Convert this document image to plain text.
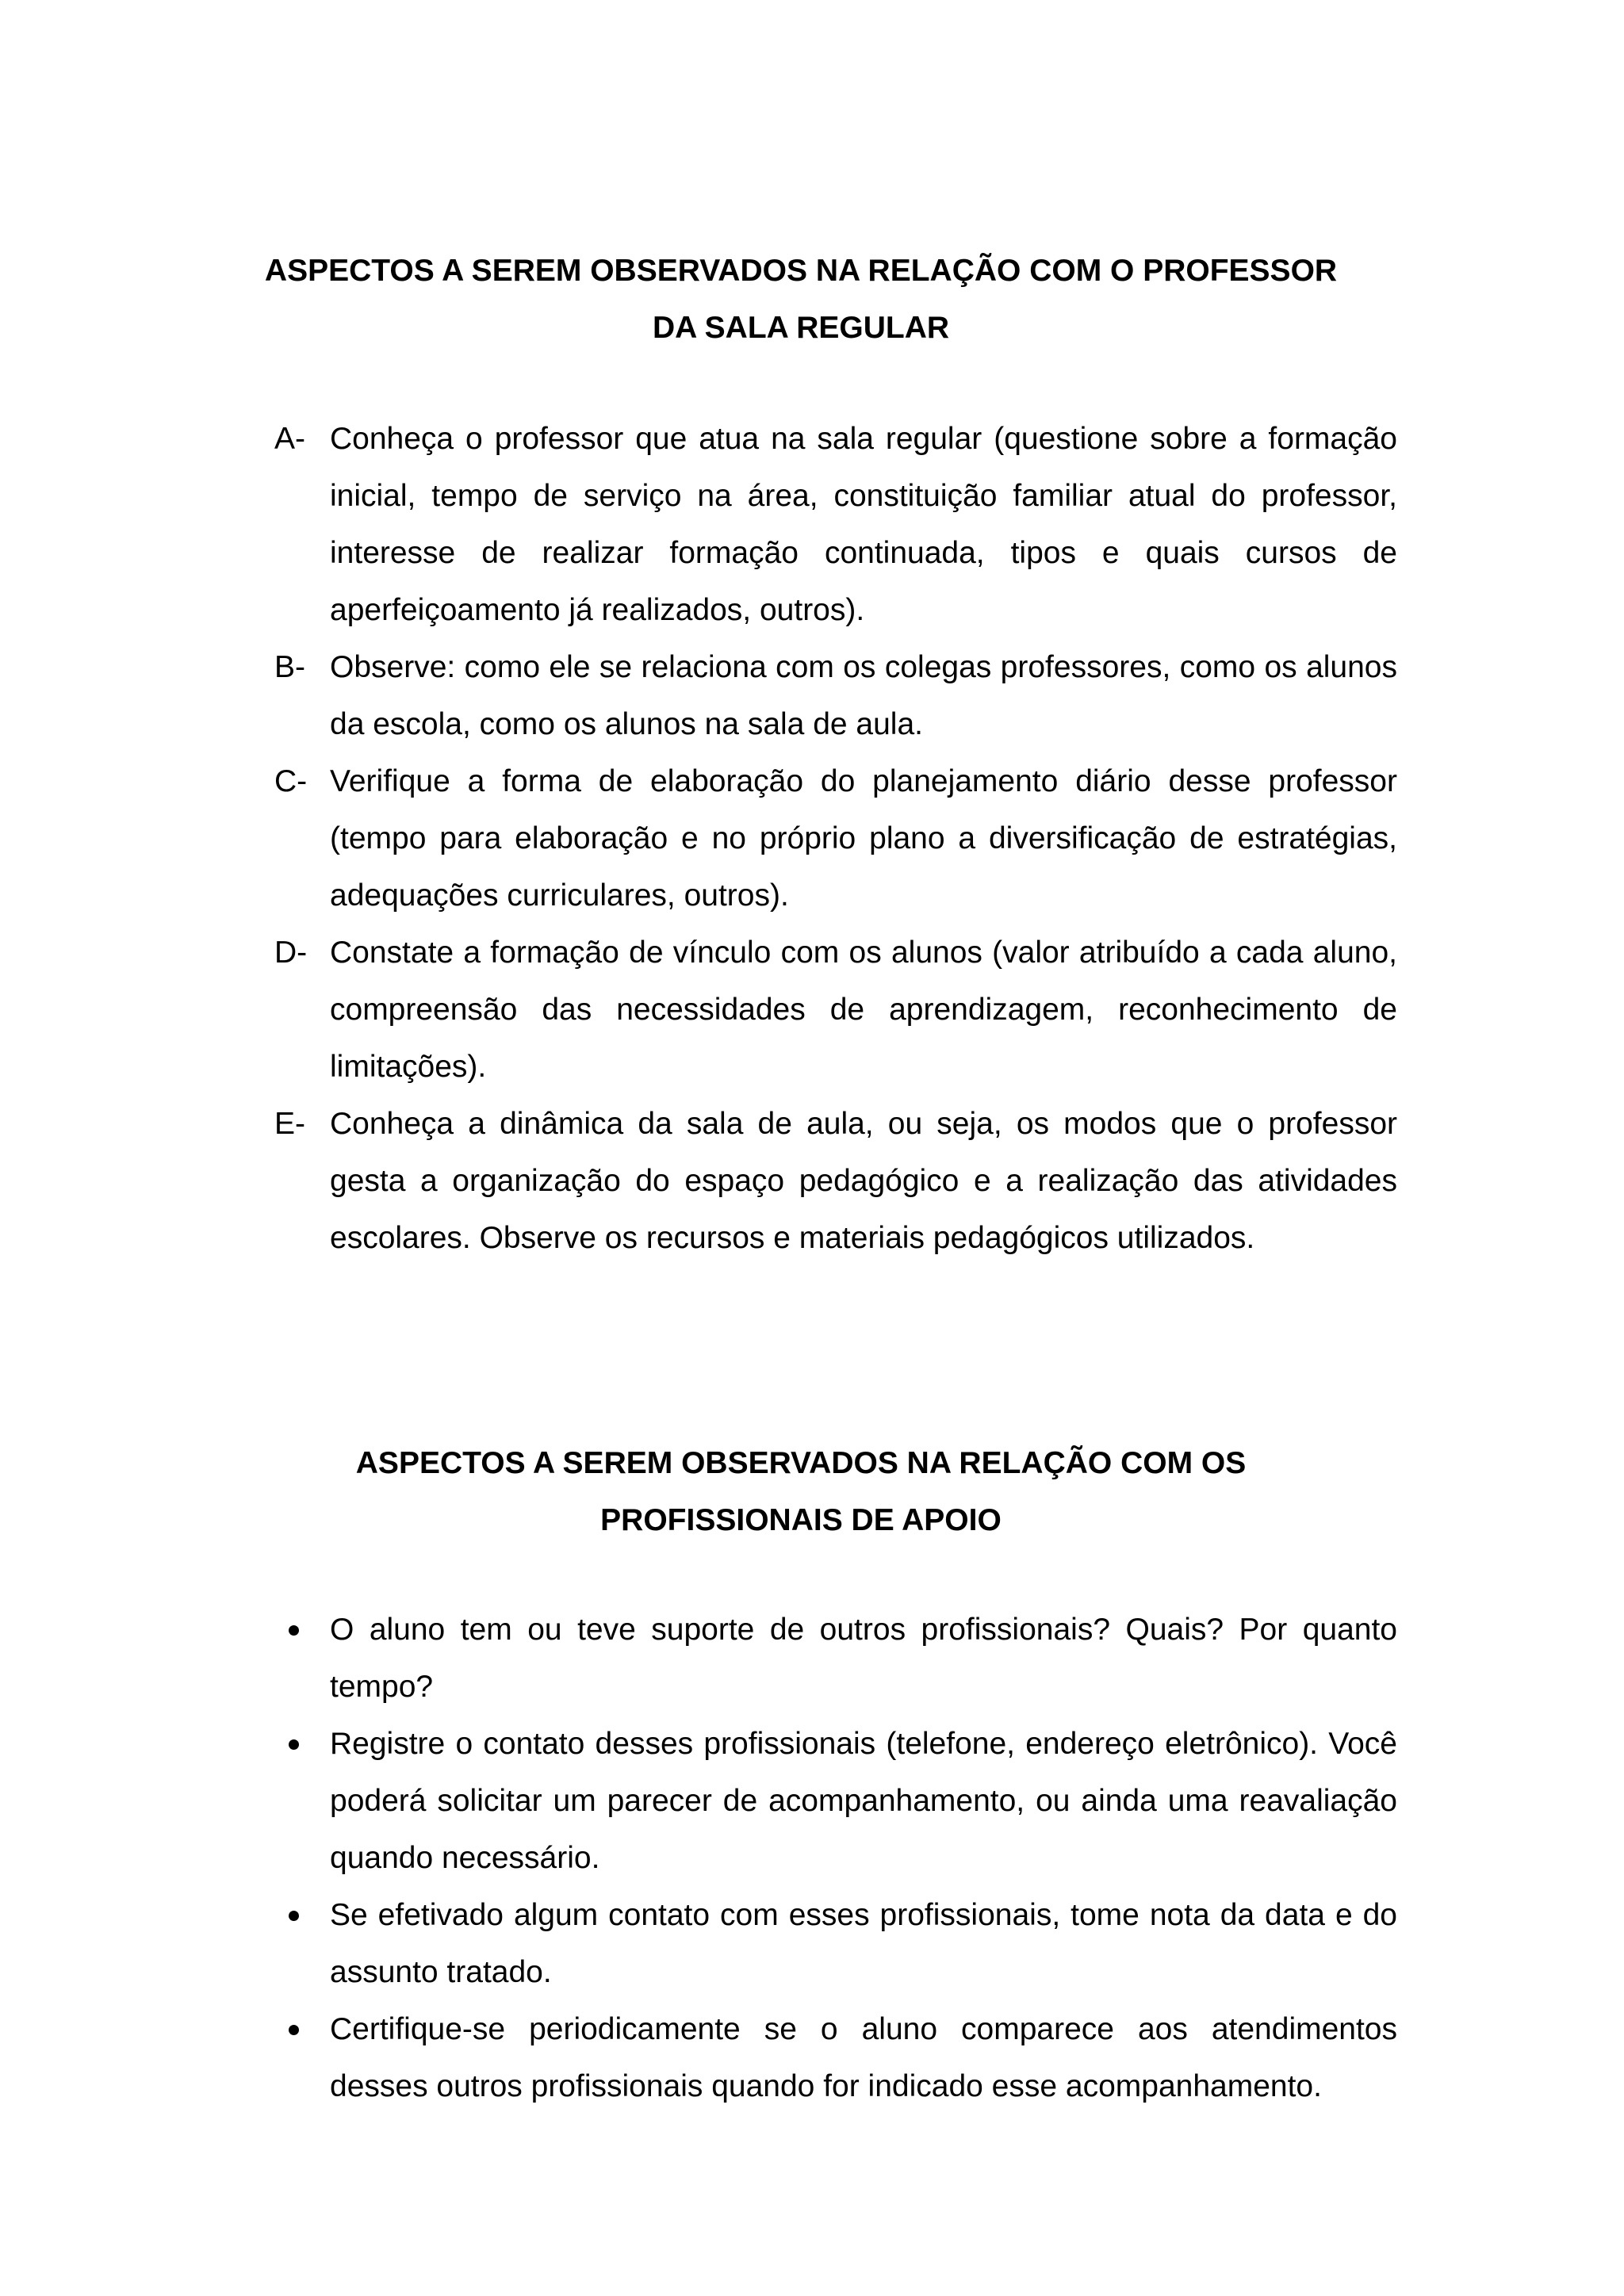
ASPECTOS A SEREM OBSERVADOS NA RELAÇÃO COM O PROFESSOR
DA SALA REGULAR
A- Conheça o professor que atua na sala regular (questione sobre a formação inicial, tempo de serviço na área, constituição familiar atual do professor, interesse de realizar formação continuada, tipos e quais cursos de aperfeiçoamento já realizados, outros).
B- Observe: como ele se relaciona com os colegas professores, como os alunos da escola, como os alunos na sala de aula.
C- Verifique a forma de elaboração do planejamento diário desse professor (tempo para elaboração e no próprio plano a diversificação de estratégias, adequações curriculares, outros).
D- Constate a formação de vínculo com os alunos (valor atribuído a cada aluno, compreensão das necessidades de aprendizagem, reconhecimento de limitações).
E- Conheça a dinâmica da sala de aula, ou seja, os modos que o professor gesta a organização do espaço pedagógico e a realização das atividades escolares. Observe os recursos e materiais pedagógicos utilizados.
ASPECTOS A SEREM OBSERVADOS NA RELAÇÃO COM OS
PROFISSIONAIS DE APOIO
O aluno tem ou teve suporte de outros profissionais? Quais? Por quanto tempo?
Registre o contato desses profissionais (telefone, endereço eletrônico). Você poderá solicitar um parecer de acompanhamento, ou ainda uma reavaliação quando necessário.
Se efetivado algum contato com esses profissionais, tome nota da data e do assunto tratado.
Certifique-se periodicamente se o aluno comparece aos atendimentos desses outros profissionais quando for indicado esse acompanhamento.
